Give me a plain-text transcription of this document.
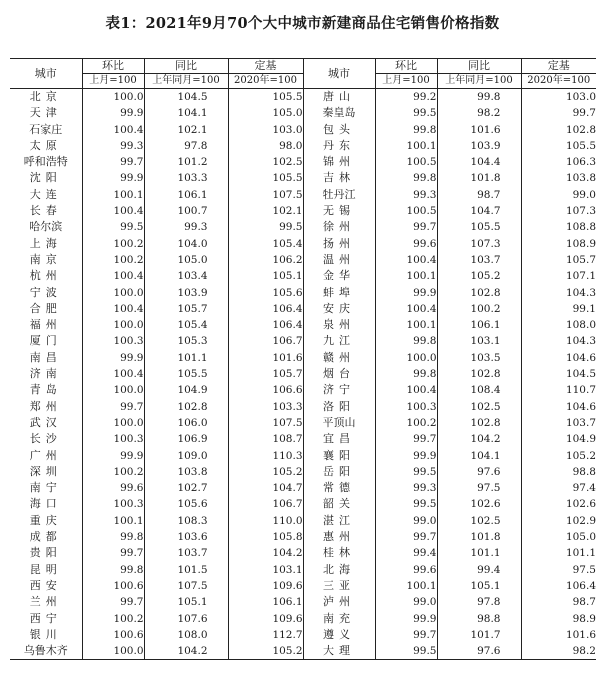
表1：2021年9月70个大中城市新建商品住宅销售价格指数
城市	环比	同比	定基	城市	环比	同比	定基
	上月=100	上年同月=100	2020年=100		上月=100	上年同月=100	2020年=100
北京	100.0	104.5	105.5	唐山	99.2	99.8	103.0
天津	99.9	104.1	105.0	秦皇岛	99.5	98.2	99.7
石家庄	100.4	102.1	103.0	包头	99.8	101.6	102.8
太原	99.3	97.8	98.0	丹东	100.1	103.9	105.5
呼和浩特	99.7	101.2	102.5	锦州	100.5	104.4	106.3
沈阳	99.9	103.3	105.5	吉林	99.8	101.8	103.8
大连	100.1	106.1	107.5	牡丹江	99.3	98.7	99.0
长春	100.4	100.7	102.1	无锡	100.5	104.7	107.3
哈尔滨	99.5	99.3	99.5	徐州	99.7	105.5	108.8
上海	100.2	104.0	105.4	扬州	99.6	107.3	108.9
南京	100.2	105.0	106.2	温州	100.4	103.7	105.7
杭州	100.4	103.4	105.1	金华	100.1	105.2	107.1
宁波	100.0	103.9	105.6	蚌埠	99.9	102.8	104.3
合肥	100.4	105.7	106.4	安庆	100.4	100.2	99.1
福州	100.0	105.4	106.4	泉州	100.1	106.1	108.0
厦门	100.3	105.3	106.7	九江	99.8	103.1	104.3
南昌	99.9	101.1	101.6	赣州	100.0	103.5	104.6
济南	100.4	105.5	105.7	烟台	99.8	102.8	104.5
青岛	100.0	104.9	106.6	济宁	100.4	108.4	110.7
郑州	99.7	102.8	103.3	洛阳	100.3	102.5	104.6
武汉	100.0	106.0	107.5	平顶山	100.2	102.8	103.7
长沙	100.3	106.9	108.7	宜昌	99.7	104.2	104.9
广州	99.9	109.0	110.3	襄阳	99.9	104.1	105.2
深圳	100.2	103.8	105.2	岳阳	99.5	97.6	98.8
南宁	99.6	102.7	104.7	常德	99.3	97.5	97.4
海口	100.3	105.6	106.7	韶关	99.5	102.6	102.6
重庆	100.1	108.3	110.0	湛江	99.0	102.5	102.9
成都	99.8	103.6	105.8	惠州	99.7	101.8	105.0
贵阳	99.7	103.7	104.2	桂林	99.4	101.1	101.1
昆明	99.8	101.5	103.1	北海	99.6	99.4	97.5
西安	100.6	107.5	109.6	三亚	100.1	105.1	106.4
兰州	99.7	105.1	106.1	泸州	99.0	97.8	98.7
西宁	100.2	107.6	109.6	南充	99.9	98.8	98.9
银川	100.6	108.0	112.7	遵义	99.7	101.7	101.6
乌鲁木齐	100.0	104.2	105.2	大理	99.5	97.6	98.2
